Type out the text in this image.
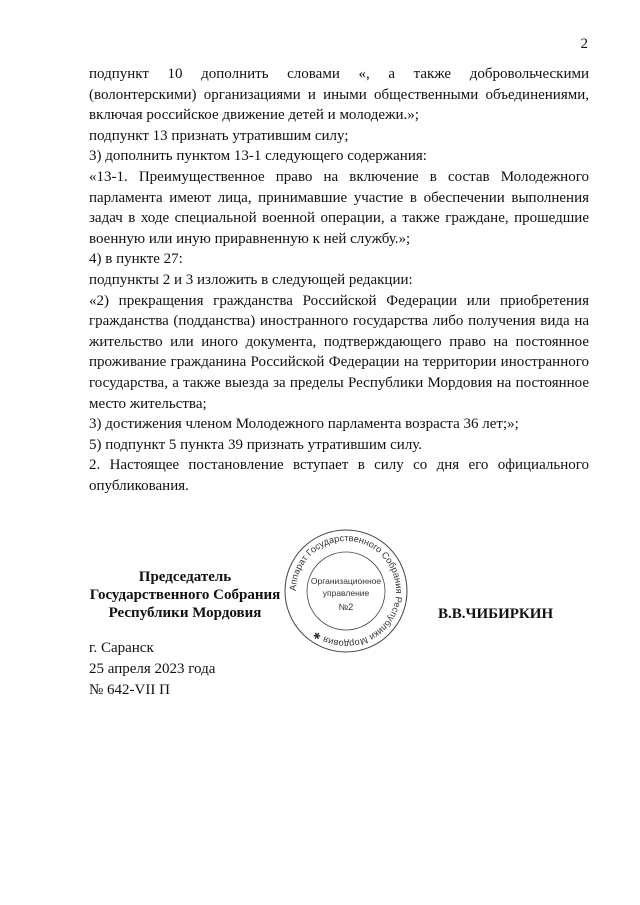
2

подпункт 10 дополнить словами «, а также добровольческими (волонтерскими) организациями и иными общественными объединениями, включая российское движение детей и молодежи.»;

подпункт 13 признать утратившим силу;

3) дополнить пунктом 13-1 следующего содержания:

«13-1. Преимущественное право на включение в состав Молодежного парламента имеют лица, принимавшие участие в обеспечении выполнения задач в ходе специальной военной операции, а также граждане, прошедшие военную или иную приравненную к ней службу.»;

4) в пункте 27:

подпункты 2 и 3 изложить в следующей редакции:

«2) прекращения гражданства Российской Федерации или приобретения гражданства (подданства) иностранного государства либо получения вида на жительство или иного документа, подтверждающего право на постоянное проживание гражданина Российской Федерации на территории иностранного государства, а также выезда за пределы Республики Мордовия на постоянное место жительства;

3) достижения членом Молодежного парламента возраста 36 лет;»;

5) подпункт 5 пункта 39 признать утратившим силу.

2. Настоящее постановление вступает в силу со дня его официального опубликования.

Председатель
Государственного Собрания
Республики Мордовия
Аппарат Государственного Собрания Республики Мордовия ✱
Организационное
управление
№2	В.В.ЧИБИРКИН
г. Саранск
25 апреля 2023 года
№ 642-VII П
